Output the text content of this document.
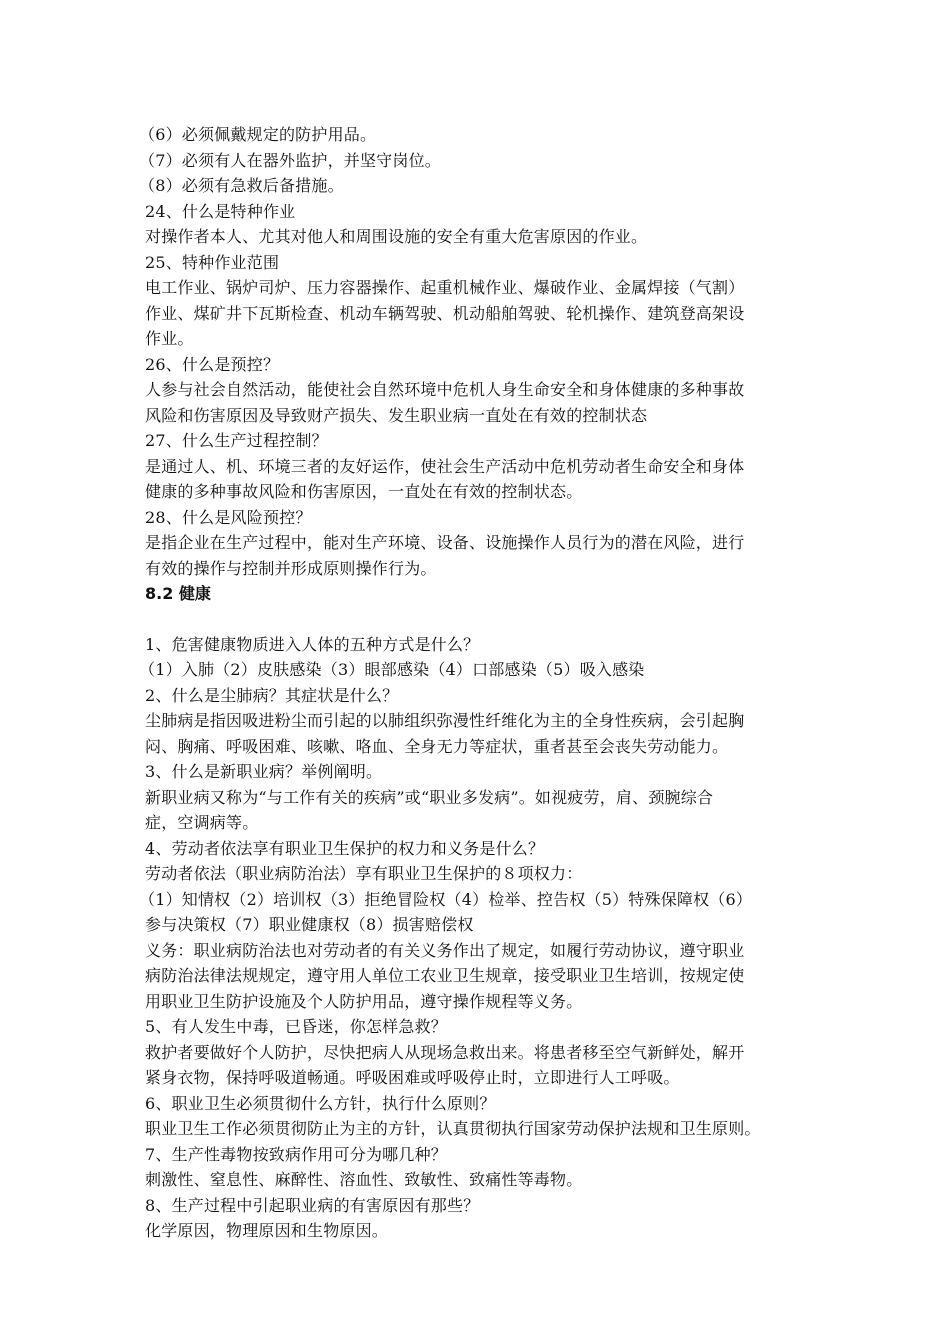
（6）必须佩戴规定的防护用品。
（7）必须有人在器外监护，并坚守岗位。
（8）必须有急救后备措施。
24、什么是特种作业
对操作者本人、尤其对他人和周围设施的安全有重大危害原因的作业。
25、特种作业范围
电工作业、锅炉司炉、压力容器操作、起重机械作业、爆破作业、金属焊接（气割）
作业、煤矿井下瓦斯检查、机动车辆驾驶、机动船舶驾驶、轮机操作、建筑登高架设
作业。
26、什么是预控？
人参与社会自然活动，能使社会自然环境中危机人身生命安全和身体健康的多种事故
风险和伤害原因及导致财产损失、发生职业病一直处在有效的控制状态
27、什么生产过程控制？
是通过人、机、环境三者的友好运作，使社会生产活动中危机劳动者生命安全和身体
健康的多种事故风险和伤害原因，一直处在有效的控制状态。
28、什么是风险预控？
是指企业在生产过程中，能对生产环境、设备、设施操作人员行为的潜在风险，进行
有效的操作与控制并形成原则操作行为。
8.2 健康
1、危害健康物质进入人体的五种方式是什么？
（1）入肺（2）皮肤感染（3）眼部感染（4）口部感染（5）吸入感染
2、什么是尘肺病？其症状是什么？
尘肺病是指因吸进粉尘而引起的以肺组织弥漫性纤维化为主的全身性疾病，会引起胸
闷、胸痛、呼吸困难、咳嗽、咯血、全身无力等症状，重者甚至会丧失劳动能力。
3、什么是新职业病？举例阐明。
新职业病又称为“与工作有关的疾病”或“职业多发病”。如视疲劳，肩、颈腕综合
症，空调病等。
4、劳动者依法享有职业卫生保护的权力和义务是什么？
劳动者依法（职业病防治法）享有职业卫生保护的８项权力：
（1）知情权（2）培训权（3）拒绝冒险权（4）检举、控告权（5）特殊保障权（6）
参与决策权（7）职业健康权（8）损害赔偿权
义务：职业病防治法也对劳动者的有关义务作出了规定，如履行劳动协议，遵守职业
病防治法律法规规定，遵守用人单位工农业卫生规章，接受职业卫生培训，按规定使
用职业卫生防护设施及个人防护用品，遵守操作规程等义务。
5、有人发生中毒，已昏迷，你怎样急救？
救护者要做好个人防护，尽快把病人从现场急救出来。将患者移至空气新鲜处，解开
紧身衣物，保持呼吸道畅通。呼吸困难或呼吸停止时，立即进行人工呼吸。
6、职业卫生必须贯彻什么方针，执行什么原则？
职业卫生工作必须贯彻防止为主的方针，认真贯彻执行国家劳动保护法规和卫生原则。
7、生产性毒物按致病作用可分为哪几种？
刺激性、窒息性、麻醉性、溶血性、致敏性、致痛性等毒物。
8、生产过程中引起职业病的有害原因有那些？
化学原因，物理原因和生物原因。
